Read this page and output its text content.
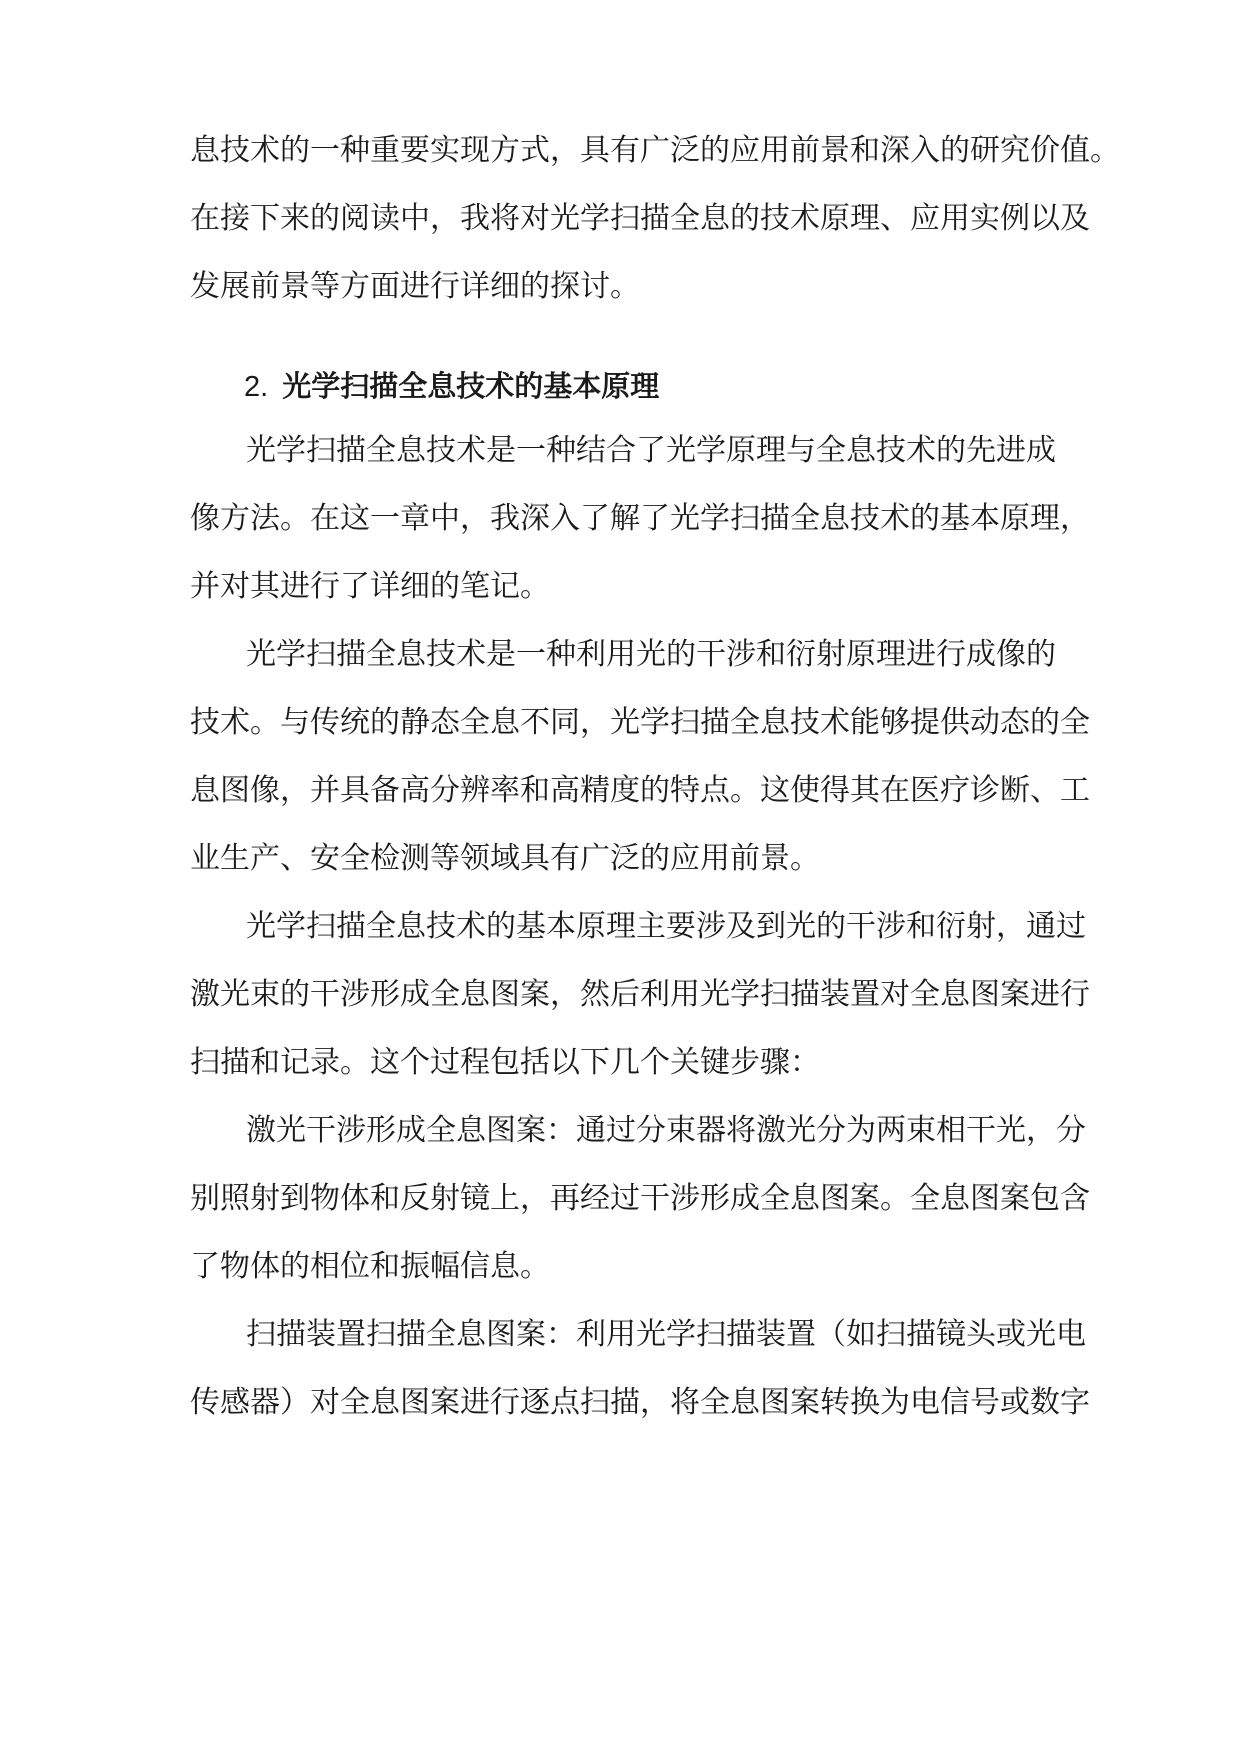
息技术的一种重要实现方式，具有广泛的应用前景和深入的研究价值。
在接下来的阅读中，我将对光学扫描全息的技术原理、应用实例以及
发展前景等方面进行详细的探讨。
2. 光学扫描全息技术的基本原理
光学扫描全息技术是一种结合了光学原理与全息技术的先进成
像方法。在这一章中，我深入了解了光学扫描全息技术的基本原理，
并对其进行了详细的笔记。
光学扫描全息技术是一种利用光的干涉和衍射原理进行成像的
技术。与传统的静态全息不同，光学扫描全息技术能够提供动态的全
息图像，并具备高分辨率和高精度的特点。这使得其在医疗诊断、工
业生产、安全检测等领域具有广泛的应用前景。
光学扫描全息技术的基本原理主要涉及到光的干涉和衍射，通过
激光束的干涉形成全息图案，然后利用光学扫描装置对全息图案进行
扫描和记录。这个过程包括以下几个关键步骤：
激光干涉形成全息图案：通过分束器将激光分为两束相干光，分
别照射到物体和反射镜上，再经过干涉形成全息图案。全息图案包含
了物体的相位和振幅信息。
扫描装置扫描全息图案：利用光学扫描装置（如扫描镜头或光电
传感器）对全息图案进行逐点扫描，将全息图案转换为电信号或数字
